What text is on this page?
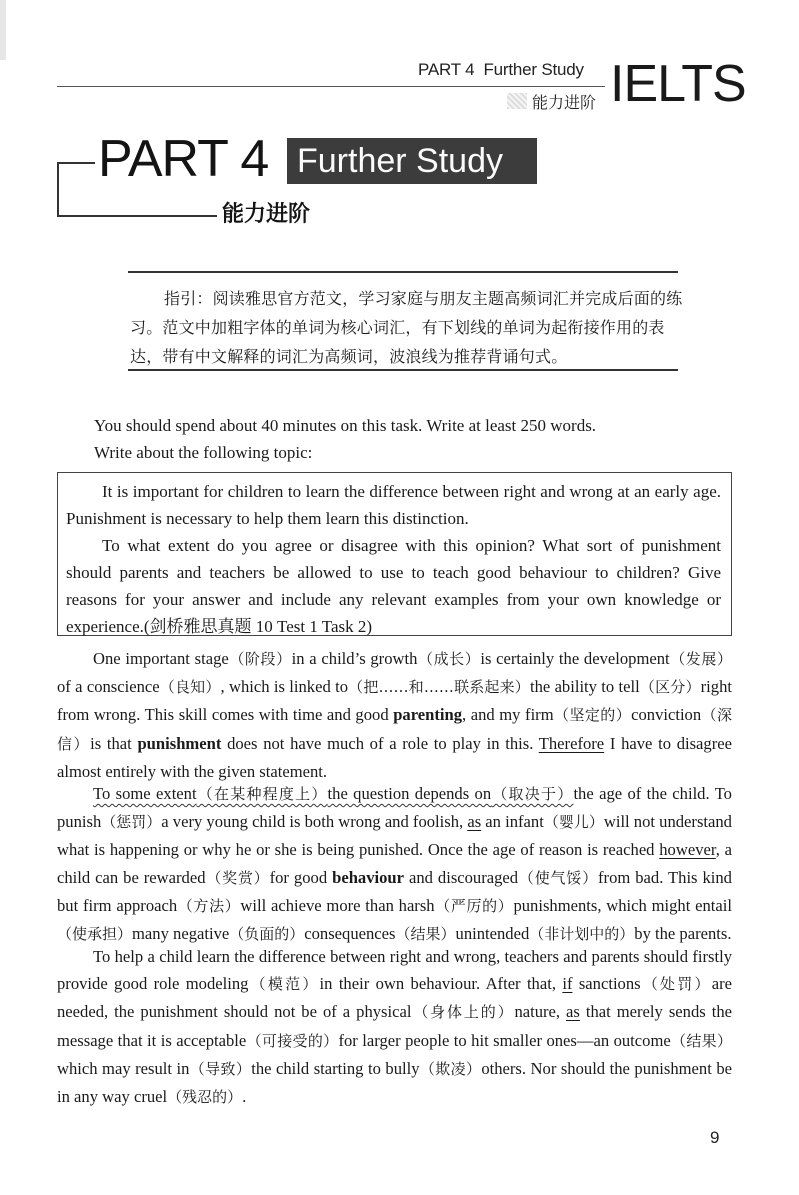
PART 4 Further Study
能力进阶 IELTS
PART 4 Further Study
能力进阶
指引：阅读雅思官方范文，学习家庭与朋友主题高频词汇并完成后面的练习。范文中加粗字体的单词为核心词汇，有下划线的单词为起衔接作用的表达，带有中文解释的词汇为高频词，波浪线为推荐背诵句式。
You should spend about 40 minutes on this task. Write at least 250 words.
Write about the following topic:

It is important for children to learn the difference between right and wrong at an early age. Punishment is necessary to help them learn this distinction.

To what extent do you agree or disagree with this opinion? What sort of punishment should parents and teachers be allowed to use to teach good behaviour to children? Give reasons for your answer and include any relevant examples from your own knowledge or experience.(剑桥雅思真题 10 Test 1 Task 2)

One important stage（阶段）in a child’s growth（成长）is certainly the development（发展）of a conscience（良知）, which is linked to（把……和……联系起来）the ability to tell（区分）right from wrong. This skill comes with time and good parenting, and my firm（坚定的）conviction（深信）is that punishment does not have much of a role to play in this. Therefore I have to disagree almost entirely with the given statement.

To some extent（在某种程度上）the question depends on（取决于）the age of the child. To punish（惩罚）a very young child is both wrong and foolish, as an infant（婴儿）will not understand what is happening or why he or she is being punished. Once the age of reason is reached however, a child can be rewarded（奖赏）for good behaviour and discouraged（使气馁）from bad. This kind but firm approach（方法）will achieve more than harsh（严厉的）punishments, which might entail（使承担）many negative（负面的）consequences（结果）unintended（非计划中的）by the parents.

To help a child learn the difference between right and wrong, teachers and parents should firstly provide good role modeling（模范）in their own behaviour. After that, if sanctions（处罚）are needed, the punishment should not be of a physical（身体上的）nature, as that merely sends the message that it is acceptable（可接受的）for larger people to hit smaller ones—an outcome（结果）which may result in（导致）the child starting to bully（欺凌）others. Nor should the punishment be in any way cruel（残忍的）.

9
